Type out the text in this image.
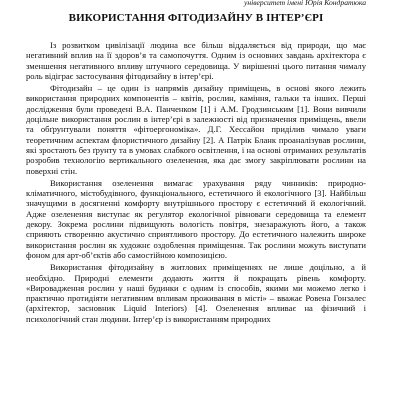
університет імені Юрія Кондратюка
ВИКОРИСТАННЯ ФІТОДИЗАЙНУ В ІНТЕР’ЄРІ

Із розвитком цивілізації людина все більш віддаляється від природи, що має негативний вплив на її здоров’я та самопочуття. Одним із основних завдань архітектора є зменшення негативного впливу штучного середовища. У вирішенні цього питання чималу роль відіграє застосування фітодизайну в інтер’єрі.

Фітодизайн – це один із напрямів дизайну приміщень, в основі якого лежить використання природних компонентів – квітів, рослин, каміння, гальки та інших. Перші дослідження були проведені В.А. Панченком [1] і А.М. Гродзинським [1]. Вони вивчили доцільне використання рослин в інтер’єрі в залежності від призначення приміщень, ввели та обґрунтували поняття «фітоергономіка». Д.Г. Хессайон приділив чимало уваги теоретичним аспектам флористичного дизайну [2]. А Патрік Бланк проаналізував рослини, які зростають без ґрунту та в умовах слабкого освітлення, і на основі отриманих результатів розробив технологію вертикального озеленення, яка дає змогу закріплювати рослини на поверхні стін.

Використання озеленення вимагає урахування ряду чинників: природно-кліматичного, містобудівного, функціонального, естетичного й екологічного [3]. Найбільш значущими в досягненні комфорту внутрішнього простору є естетичний й екологічний. Адже озеленення виступає як регулятор екологічної рівноваги середовища та елемент декору. Зокрема рослини підвищують вологість повітря, знезаражують його, а також сприяють створенню акустично сприятливого простору. До естетичного належить широке використання рослин як художнє оздоблення приміщення. Так рослини можуть виступати фоном для арт-об’єктів або самостійною композицією.

Використання фітодизайну в житлових приміщеннях не лише доцільно, а й необхідно. Природні елементи додають життя й покращать рівень комфорту. «Вировадження рослин у наші будинки є одним із способів, якими ми можемо легко і практично протидіяти негативним впливам проживання в місті» – вважає Ровена Гонзалес (архітектор, засновник Liquid Interiors) [4]. Озеленення впливає на фізичний і психологічний стан людини. Інтер’єр із використанням природних
